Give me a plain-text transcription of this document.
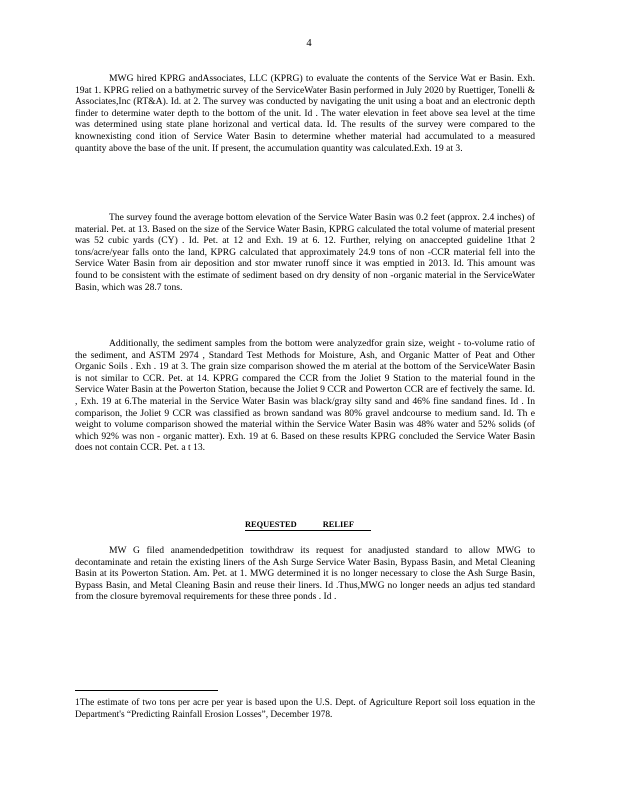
4

MWG hired KPRG andAssociates, LLC (KPRG) to evaluate the contents of the Service Wat er Basin. Exh. 19at 1. KPRG relied on a bathymetric survey of the ServiceWater Basin performed in July 2020 by Ruettiger, Tonelli & Associates,Inc (RT&A). Id. at 2. The survey was conducted by navigating the unit using a boat and an electronic depth finder to determine water depth to the bottom of the unit. Id . The water elevation in feet above sea level at the time was determined using state plane horizonal and vertical data. Id. The results of the survey were compared to the knownexisting cond ition of Service Water Basin to determine whether material had accumulated to a measured quantity above the base of the unit. If present, the accumulation quantity was calculated.Exh. 19 at 3.

The survey found the average bottom elevation of the Service Water Basin was 0.2 feet (approx. 2.4 inches) of material. Pet. at 13. Based on the size of the Service Water Basin, KPRG calculated the total volume of material present was 52 cubic yards (CY) . Id. Pet. at 12 and Exh. 19 at 6. 12. Further, relying on anaccepted guideline 1that 2 tons/acre/year falls onto the land, KPRG calculated that approximately 24.9 tons of non -CCR material fell into the Service Water Basin from air deposition and stor mwater runoff since it was emptied in 2013. Id. This amount was found to be consistent with the estimate of sediment based on dry density of non -organic material in the ServiceWater Basin, which was 28.7 tons.

Additionally, the sediment samples from the bottom were analyzedfor grain size, weight - to-volume ratio of the sediment, and ASTM 2974 , Standard Test Methods for Moisture, Ash, and Organic Matter of Peat and Other Organic Soils . Exh . 19 at 3. The grain size comparison showed the m aterial at the bottom of the ServiceWater Basin is not similar to CCR. Pet. at 14. KPRG compared the CCR from the Joliet 9 Station to the material found in the Service Water Basin at the Powerton Station, because the Joliet 9 CCR and Powerton CCR are ef fectively the same. Id. , Exh. 19 at 6.The material in the Service Water Basin was black/gray silty sand and 46% fine sandand fines. Id . In comparison, the Joliet 9 CCR was classified as brown sandand was 80% gravel andcourse to medium sand. Id. Th e weight to volume comparison showed the material within the Service Water Basin was 48% water and 52% solids (of which 92% was non - organic matter). Exh. 19 at 6. Based on these results KPRG concluded the Service Water Basin does not contain CCR. Pet. a t 13.

REQUESTED RELIEF

MW G filed anamendedpetition towithdraw its request for anadjusted standard to allow MWG to decontaminate and retain the existing liners of the Ash Surge Service Water Basin, Bypass Basin, and Metal Cleaning Basin at its Powerton Station. Am. Pet. at 1. MWG determined it is no longer necessary to close the Ash Surge Basin, Bypass Basin, and Metal Cleaning Basin and reuse their liners. Id .Thus,MWG no longer needs an adjus ted standard from the closure byremoval requirements for these three ponds . Id .

1The estimate of two tons per acre per year is based upon the U.S. Dept. of Agriculture Report soil loss equation in the Department's “Predicting Rainfall Erosion Losses”, December 1978.
